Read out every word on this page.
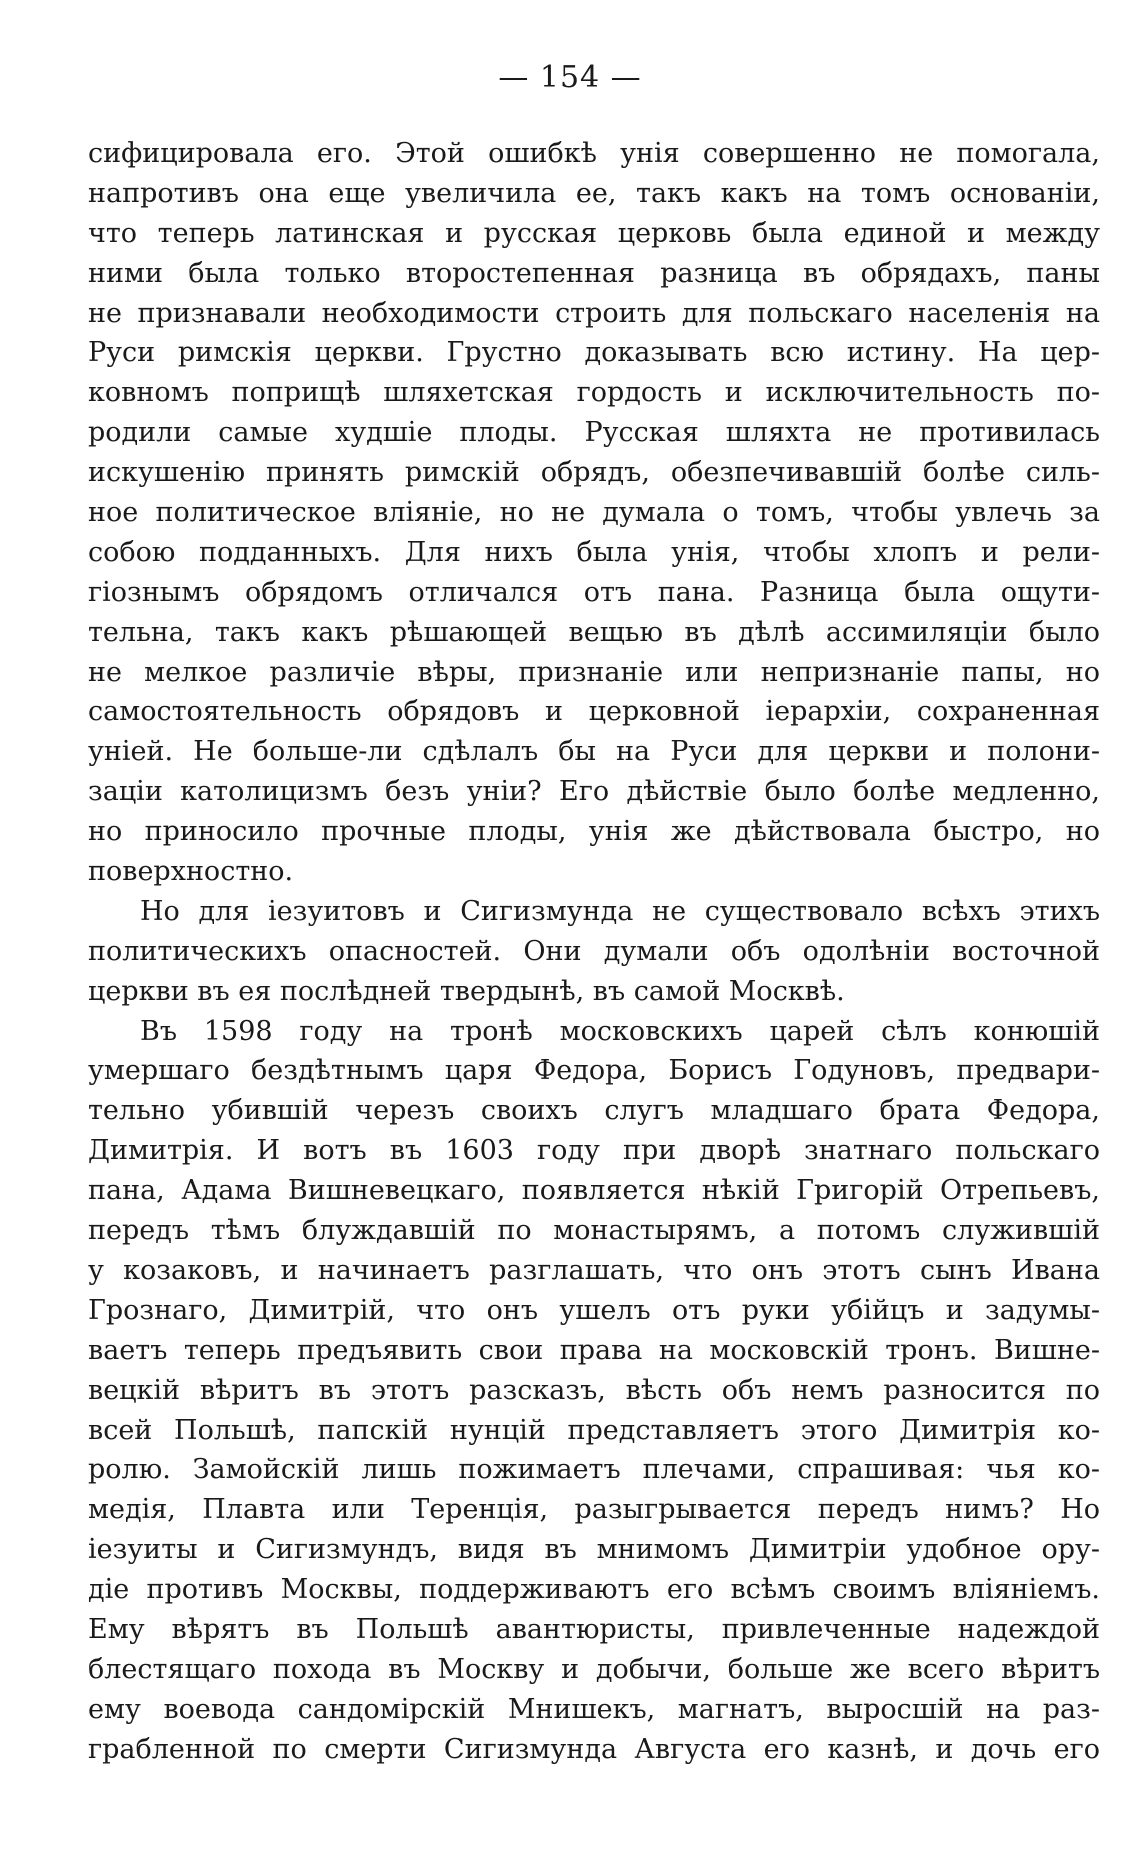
— 154 —
сифицировала его. Этой ошибкѣ унія совершенно не помогала,
напротивъ она еще увеличила ее, такъ какъ на томъ основаніи,
что теперь латинская и русская церковь была единой и между
ними была только второстепенная разница въ обрядахъ, паны
не признавали необходимости строить для польскаго населенія на
Руси римскія церкви. Грустно доказывать всю истину. На цер-
ковномъ поприщѣ шляхетская гордость и исключительность по-
родили самые худшіе плоды. Русская шляхта не противилась
искушенію принять римскій обрядъ, обезпечивавшій болѣе силь-
ное политическое вліяніе, но не думала о томъ, чтобы увлечь за
собою подданныхъ. Для нихъ была унія, чтобы хлопъ и рели-
гіознымъ обрядомъ отличался отъ пана. Разница была ощути-
тельна, такъ какъ рѣшающей вещью въ дѣлѣ ассимиляціи было
не мелкое различіе вѣры, признаніе или непризнаніе папы, но
самостоятельность обрядовъ и церковной іерархіи, сохраненная
уніей. Не больше-ли сдѣлалъ бы на Руси для церкви и полони-
заціи католицизмъ безъ уніи? Его дѣйствіе было болѣе медленно,
но приносило прочные плоды, унія же дѣйствовала быстро, но
поверхностно.
Но для іезуитовъ и Сигизмунда не существовало всѣхъ этихъ
политическихъ опасностей. Они думали объ одолѣніи восточной
церкви въ ея послѣдней твердынѣ, въ самой Москвѣ.
Въ 1598 году на тронѣ московскихъ царей сѣлъ конюшій
умершаго бездѣтнымъ царя Федора, Борисъ Годуновъ, предвари-
тельно убившій черезъ своихъ слугъ младшаго брата Федора,
Димитрія. И вотъ въ 1603 году при дворѣ знатнаго польскаго
пана, Адама Вишневецкаго, появляется нѣкій Григорій Отрепьевъ,
передъ тѣмъ блуждавшій по монастырямъ, а потомъ служившій
у козаковъ, и начинаетъ разглашать, что онъ этотъ сынъ Ивана
Грознаго, Димитрій, что онъ ушелъ отъ руки убійцъ и задумы-
ваетъ теперь предъявить свои права на московскій тронъ. Вишне-
вецкій вѣритъ въ этотъ разсказъ, вѣсть объ немъ разносится по
всей Польшѣ, папскій нунцій представляетъ этого Димитрія ко-
ролю. Замойскій лишь пожимаетъ плечами, спрашивая: чья ко-
медія, Плавта или Теренція, разыгрывается передъ нимъ? Но
іезуиты и Сигизмундъ, видя въ мнимомъ Димитріи удобное ору-
діе противъ Москвы, поддерживаютъ его всѣмъ своимъ вліяніемъ.
Ему вѣрятъ въ Польшѣ авантюристы, привлеченные надеждой
блестящаго похода въ Москву и добычи, больше же всего вѣритъ
ему воевода сандомірскій Мнишекъ, магнатъ, выросшій на раз-
грабленной по смерти Сигизмунда Августа его казнѣ, и дочь его
